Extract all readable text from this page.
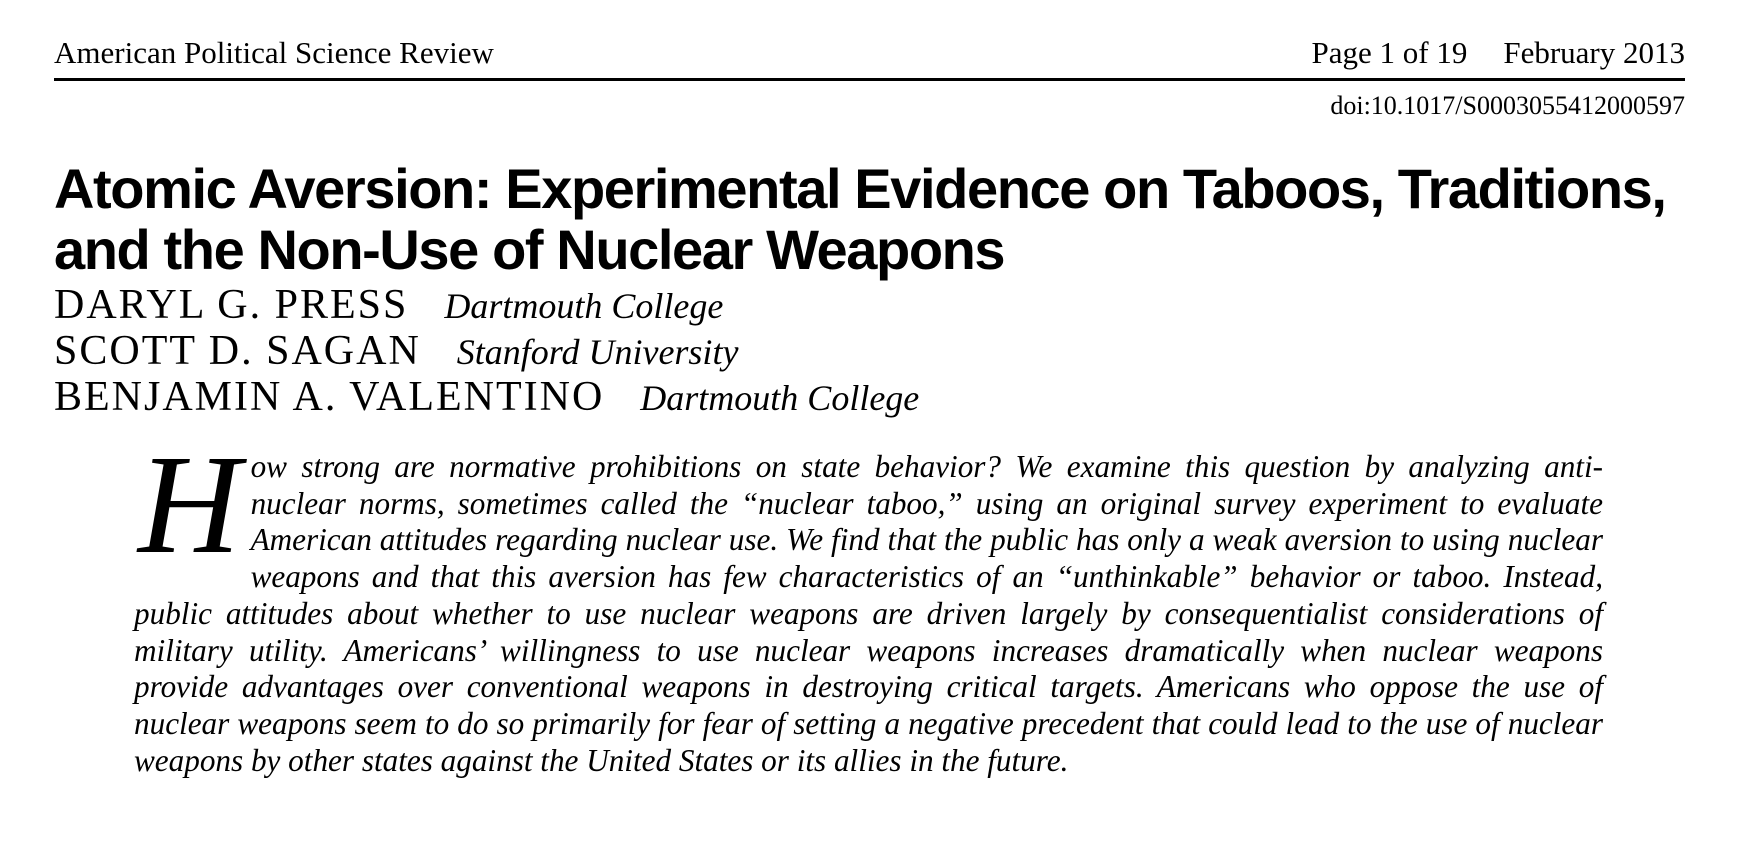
American Political Science Review	Page 1 of 19 February 2013
doi:10.1017/S0003055412000597
Atomic Aversion: Experimental Evidence on Taboos, Traditions, and the Non-Use of Nuclear Weapons
DARYL G. PRESS Dartmouth College
SCOTT D. SAGAN Stanford University
BENJAMIN A. VALENTINO Dartmouth College

How strong are normative prohibitions on state behavior? We examine this question by analyzing anti-nuclear norms, sometimes called the “nuclear taboo,” using an original survey experiment to evaluate American attitudes regarding nuclear use. We find that the public has only a weak aversion to using nuclear weapons and that this aversion has few characteristics of an “unthinkable” behavior or taboo. Instead, public attitudes about whether to use nuclear weapons are driven largely by consequentialist considerations of military utility. Americans’ willingness to use nuclear weapons increases dramatically when nuclear weapons provide advantages over conventional weapons in destroying critical targets. Americans who oppose the use of nuclear weapons seem to do so primarily for fear of setting a negative precedent that could lead to the use of nuclear weapons by other states against the United States or its allies in the future.
